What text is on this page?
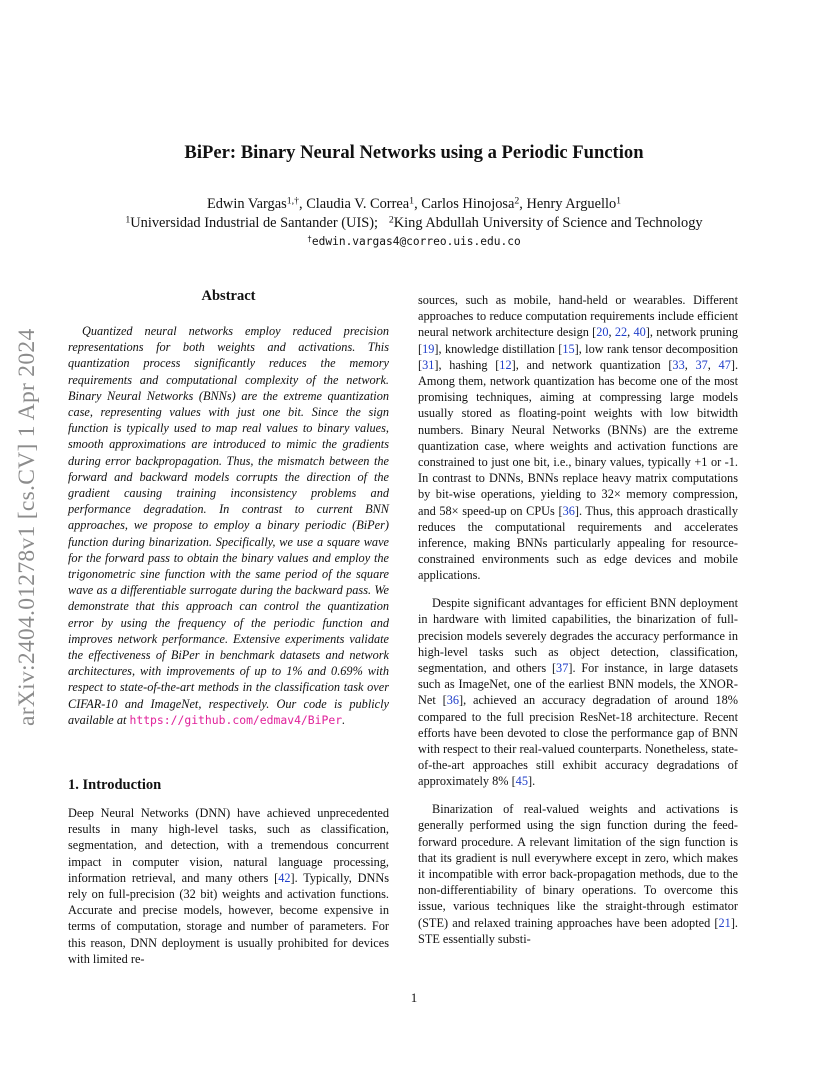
arXiv:2404.01278v1 [cs.CV] 1 Apr 2024
BiPer: Binary Neural Networks using a Periodic Function
Edwin Vargas$^{1,\dagger}$, Claudia V. Correa$^1$, Carlos Hinojosa$^2$, Henry Arguello$^1$
$^1$Universidad Industrial de Santander (UIS); $^2$King Abdullah University of Science and Technology
†edwin.vargas4@correo.uis.edu.co
Abstract
Quantized neural networks employ reduced precision representations for both weights and activations. This quantization process significantly reduces the memory requirements and computational complexity of the network. Binary Neural Networks (BNNs) are the extreme quantization case, representing values with just one bit. Since the sign function is typically used to map real values to binary values, smooth approximations are introduced to mimic the gradients during error backpropagation. Thus, the mismatch between the forward and backward models corrupts the direction of the gradient causing training inconsistency problems and performance degradation. In contrast to current BNN approaches, we propose to employ a binary periodic (BiPer) function during binarization. Specifically, we use a square wave for the forward pass to obtain the binary values and employ the trigonometric sine function with the same period of the square wave as a differentiable surrogate during the backward pass. We demonstrate that this approach can control the quantization error by using the frequency of the periodic function and improves network performance. Extensive experiments validate the effectiveness of BiPer in benchmark datasets and network architectures, with improvements of up to 1% and 0.69% with respect to state-of-the-art methods in the classification task over CIFAR-10 and ImageNet, respectively. Our code is publicly available at https://github.com/edmav4/BiPer.
1. Introduction
Deep Neural Networks (DNN) have achieved unprecedented results in many high-level tasks, such as classification, segmentation, and detection, with a tremendous concurrent impact in computer vision, natural language processing, information retrieval, and many others [42]. Typically, DNNs rely on full-precision (32 bit) weights and activation functions. Accurate and precise models, however, become expensive in terms of computation, storage and number of parameters. For this reason, DNN deployment is usually prohibited for devices with limited re-

sources, such as mobile, hand-held or wearables. Different approaches to reduce computation requirements include efficient neural network architecture design [20, 22, 40], network pruning [19], knowledge distillation [15], low rank tensor decomposition [31], hashing [12], and network quantization [33, 37, 47]. Among them, network quantization has become one of the most promising techniques, aiming at compressing large models usually stored as floating-point weights with low bitwidth numbers. Binary Neural Networks (BNNs) are the extreme quantization case, where weights and activation functions are constrained to just one bit, i.e., binary values, typically +1 or -1. In contrast to DNNs, BNNs replace heavy matrix computations by bit-wise operations, yielding to 32× memory compression, and 58× speed-up on CPUs [36]. Thus, this approach drastically reduces the computational requirements and accelerates inference, making BNNs particularly appealing for resource-constrained environments such as edge devices and mobile applications.

Despite significant advantages for efficient BNN deployment in hardware with limited capabilities, the binarization of full-precision models severely degrades the accuracy performance in high-level tasks such as object detection, classification, segmentation, and others [37]. For instance, in large datasets such as ImageNet, one of the earliest BNN models, the XNOR-Net [36], achieved an accuracy degradation of around 18% compared to the full precision ResNet-18 architecture. Recent efforts have been devoted to close the performance gap of BNN with respect to their real-valued counterparts. Nonetheless, state-of-the-art approaches still exhibit accuracy degradations of approximately 8% [45].

Binarization of real-valued weights and activations is generally performed using the sign function during the feed-forward procedure. A relevant limitation of the sign function is that its gradient is null everywhere except in zero, which makes it incompatible with error back-propagation methods, due to the non-differentiability of binary operations. To overcome this issue, various techniques like the straight-through estimator (STE) and relaxed training approaches have been adopted [21]. STE essentially substi-

1
